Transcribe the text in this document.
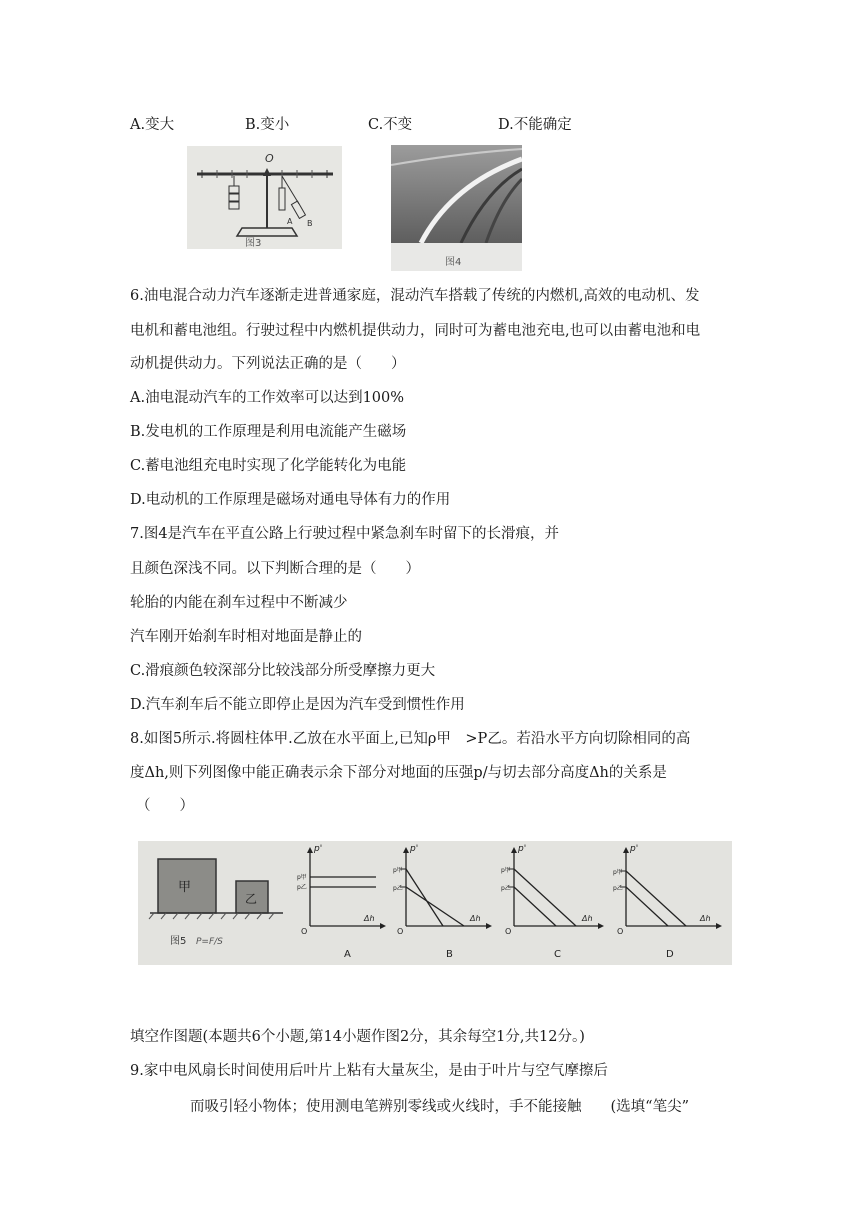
A.变大	B.变小	C.不变	D.不能确定
O
A B
图3
图4
6.油电混合动力汽车逐渐走进普通家庭，混动汽车搭载了传统的内燃机,高效的电动机、发
电机和蓄电池组。行驶过程中内燃机提供动力，同时可为蓄电池充电,也可以由蓄电池和电
动机提供动力。下列说法正确的是（　　）
A.油电混动汽车的工作效率可以达到100%
B.发电机的工作原理是利用电流能产生磁场
C.蓄电池组充电时实现了化学能转化为电能
D.电动机的工作原理是磁场对通电导体有力的作用
7.图4是汽车在平直公路上行驶过程中紧急刹车时留下的长滑痕，并
且颜色深浅不同。以下判断合理的是（　　）
轮胎的内能在刹车过程中不断减少
汽车刚开始刹车时相对地面是静止的
C.滑痕颜色较深部分比较浅部分所受摩擦力更大
D.汽车刹车后不能立即停止是因为汽车受到惯性作用
8.如图5所示.将圆柱体甲.乙放在水平面上,已知ρ甲　>P乙。若沿水平方向切除相同的高
度Δh,则下列图像中能正确表示余下部分对地面的压强p/与切去部分高度Δh的关系是
（　　）
甲
乙
图5 P=F/S
p'
Δh
O
p甲
p乙
A
p'
Δh
O
p甲
p乙
B
p'
Δh
O
p甲
p乙
C
p'
Δh
O
p甲
p乙
D
填空作图题(本题共6个小题,第14小题作图2分，其余每空1分,共12分。)
9.家中电风扇长时间使用后叶片上粘有大量灰尘，是由于叶片与空气摩擦后
而吸引轻小物体；使用测电笔辨别零线或火线时，手不能接触　　(选填“笔尖”
